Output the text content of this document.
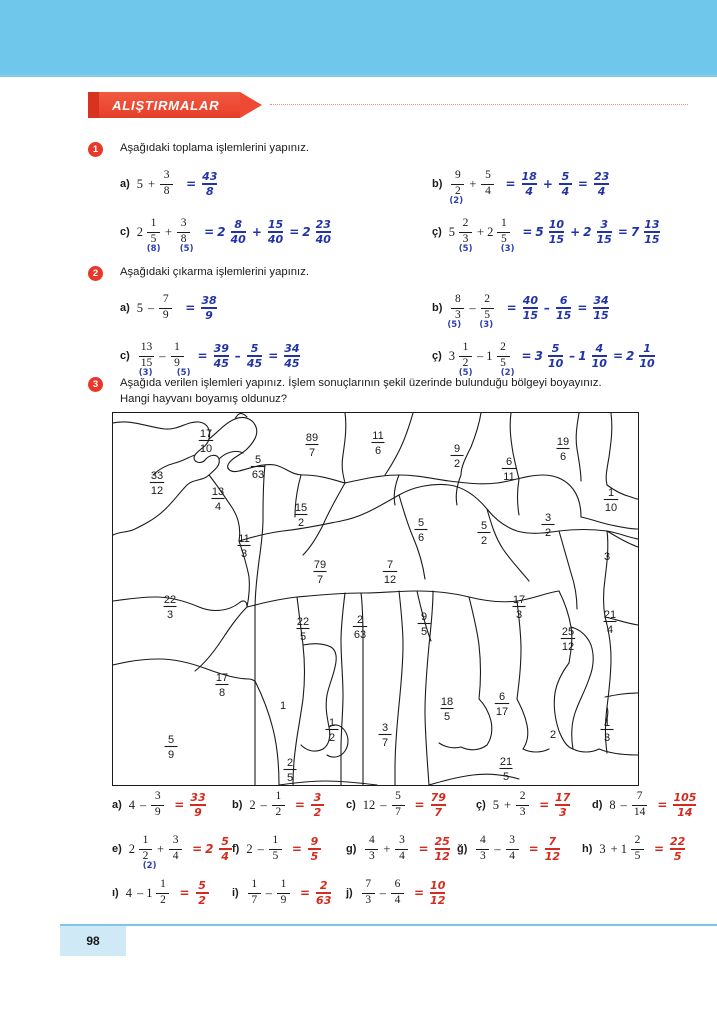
ALIŞTIRMALAR
1	Aşağıdaki toplama işlemlerini yapınız.
a) 5 +
3
8 =
43
8
b)
9
2
(2)
+
5
4 =
18
4
+
5
4
=
23
4
c) 2
1
5
(8)
+
3
8
(5)
= 2
8
40
+
15
40
= 2
23
40
ç) 5
2
3
(5)
+ 2
1
5
(3)
= 5
10
15
+ 2
3
15
= 7
13
15
2	Aşağıdaki çıkarma işlemlerini yapınız.
a) 5 –
7
9 =
38
9
b)
8
3
(5)
–
2
5
(3)
=
40
15
–
6
15
=
34
15
c)
13
15
(3)
–
1
9
(5)
=
39
45
–
5
45
=
34
45
ç) 3
1
2
(5)
– 1
2
5
(2)
= 3
5
10
– 1
4
10
= 2
1
10
3	Aşağıda verilen işlemleri yapınız. İşlem sonuçlarının şekil üzerinde bulunduğu bölgeyi boyayınız.
Hangi hayvanı boyamış oldunuz?
33
12
17
10
13
4
5
63
89
7
11
6	9
2	6
11
19
6
1
10
11
3
15
2	5
6
5
2
3
2
3
79
7
7
12
22
3
22
5
2
63
9
5
17
3
25
12
21
4
17
8
1
1
2
3
7
18
5
6
17
2
1
3
5
9
2
5
21
5
a) 4 –
3
9 =
33
9
b) 2 –
1
2 =
3
2
c) 12 –
5
7 =
79
7
ç) 5 +
2
3 =
17
3
d) 8 –
7
14 =
105
14
e) 2
1
2
(2)
+
3
4 = 2
5
4
f) 2 –
1
5 =
9
5
g)
4
3
+
3
4 =
25
12
ğ)
4
3
–
3
4 =
7
12
h) 3 + 1
2
5 =
22
5
ı) 4 – 1
1
2 =
5
2
i)
1
7
–
1
9 =
2
63
j)
7
3
–
6
4 =
10
12
98
